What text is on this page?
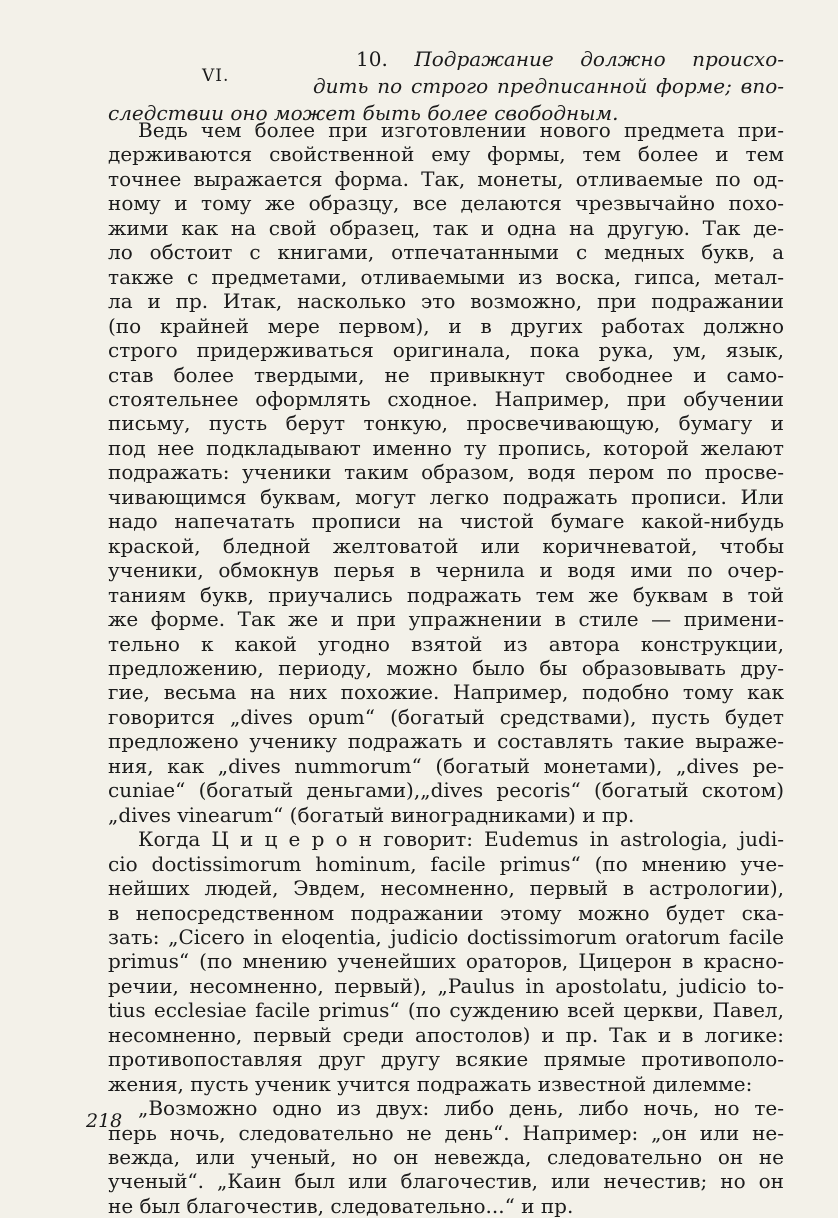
VI.
10. Подражание должно происхо-
дить по строго предписанной форме; впо-
следствии оно может быть более свободным.
Ведь чем более при изготовлении нового предмета при-
держиваются свойственной ему формы, тем более и тем
точнее выражается форма. Так, монеты, отливаемые по од-
ному и тому же образцу, все делаются чрезвычайно похо-
жими как на свой образец, так и одна на другую. Так де-
ло обстоит с книгами, отпечатанными с медных букв, а
также с предметами, отливаемыми из воска, гипса, метал-
ла и пр. Итак, насколько это возможно, при подражании
(по крайней мере первом), и в других работах должно
строго придерживаться оригинала, пока рука, ум, язык,
став более твердыми, не привыкнут свободнее и само-
стоятельнее оформлять сходное. Например, при обучении
письму, пусть берут тонкую, просвечивающую, бумагу и
под нее подкладывают именно ту пропись, которой желают
подражать: ученики таким образом, водя пером по просве-
чивающимся буквам, могут легко подражать прописи. Или
надо напечатать прописи на чистой бумаге какой-нибудь
краской, бледной желтоватой или коричневатой, чтобы
ученики, обмокнув перья в чернила и водя ими по очер-
таниям букв, приучались подражать тем же буквам в той
же форме. Так же и при упражнении в стиле — примени-
тельно к какой угодно взятой из автора конструкции,
предложению, периоду, можно было бы образовывать дру-
гие, весьма на них похожие. Например, подобно тому как
говорится „dives opum“ (богатый средствами), пусть будет
предложено ученику подражать и составлять такие выраже-
ния, как „dives nummorum“ (богатый монетами), „dives pe-
cuniae“ (богатый деньгами),„dives pecoris“ (богатый скотом)
„dives vinearum“ (богатый виноградниками) и пр.
Когда Ц и ц е р о н говорит: Eudemus in astrologia, judi-
cio doctissimorum hominum, facile primus“ (по мнению уче-
нейших людей, Эвдем, несомненно, первый в астрологии),
в непосредственном подражании этому можно будет ска-
зать: „Cicero in eloqentia, judicio doctissimorum oratorum facile
primus“ (по мнению ученейших ораторов, Цицерон в красно-
речии, несомненно, первый), „Paulus in apostolatu, judicio to-
tius ecclesiae facile primus“ (по суждению всей церкви, Павел,
несомненно, первый среди апостолов) и пр. Так и в логике:
противопоставляя друг другу всякие прямые противополо-
жения, пусть ученик учится подражать известной дилемме:
„Возможно одно из двух: либо день, либо ночь, но те-
перь ночь, следовательно не день“. Например: „он или не-
вежда, или ученый, но он невежда, следовательно он не
ученый“. „Каин был или благочестив, или нечестив; но он
не был благочестив, следовательно...“ и пр.
218
